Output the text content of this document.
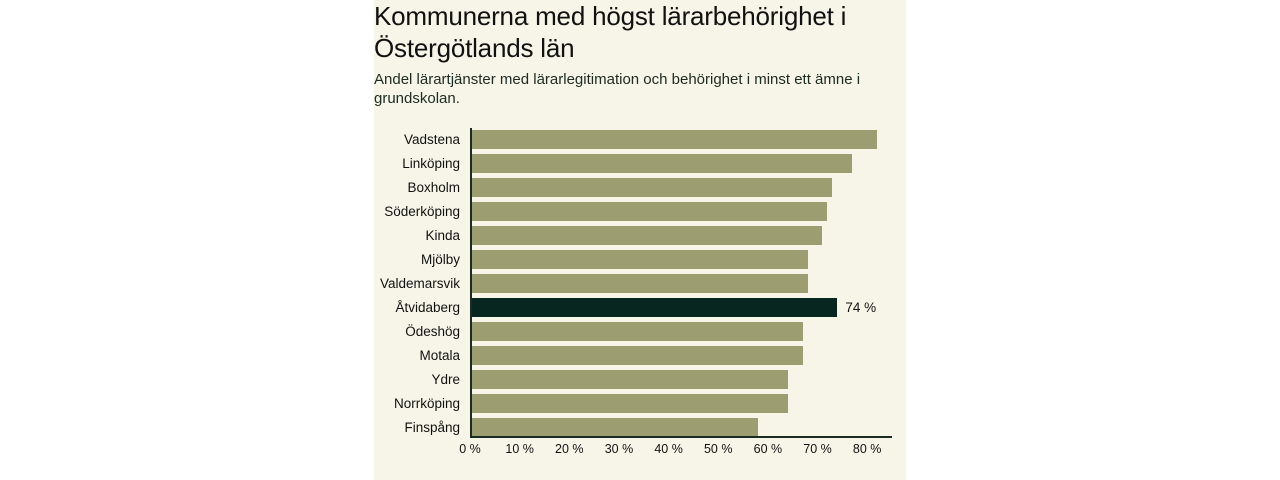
Kommunerna med högst lärarbehörighet i Östergötlands län
Andel lärartjänster med lärarlegitimation och behörighet i minst ett ämne i grundskolan.
Vadstena
Linköping
Boxholm
Söderköping
Kinda
Mjölby
Valdemarsvik
Åtvidaberg	74 %
Ödeshög
Motala
Ydre
Norrköping
Finspång
0 % 10 % 20 % 30 % 40 % 50 % 60 % 70 % 80 %
